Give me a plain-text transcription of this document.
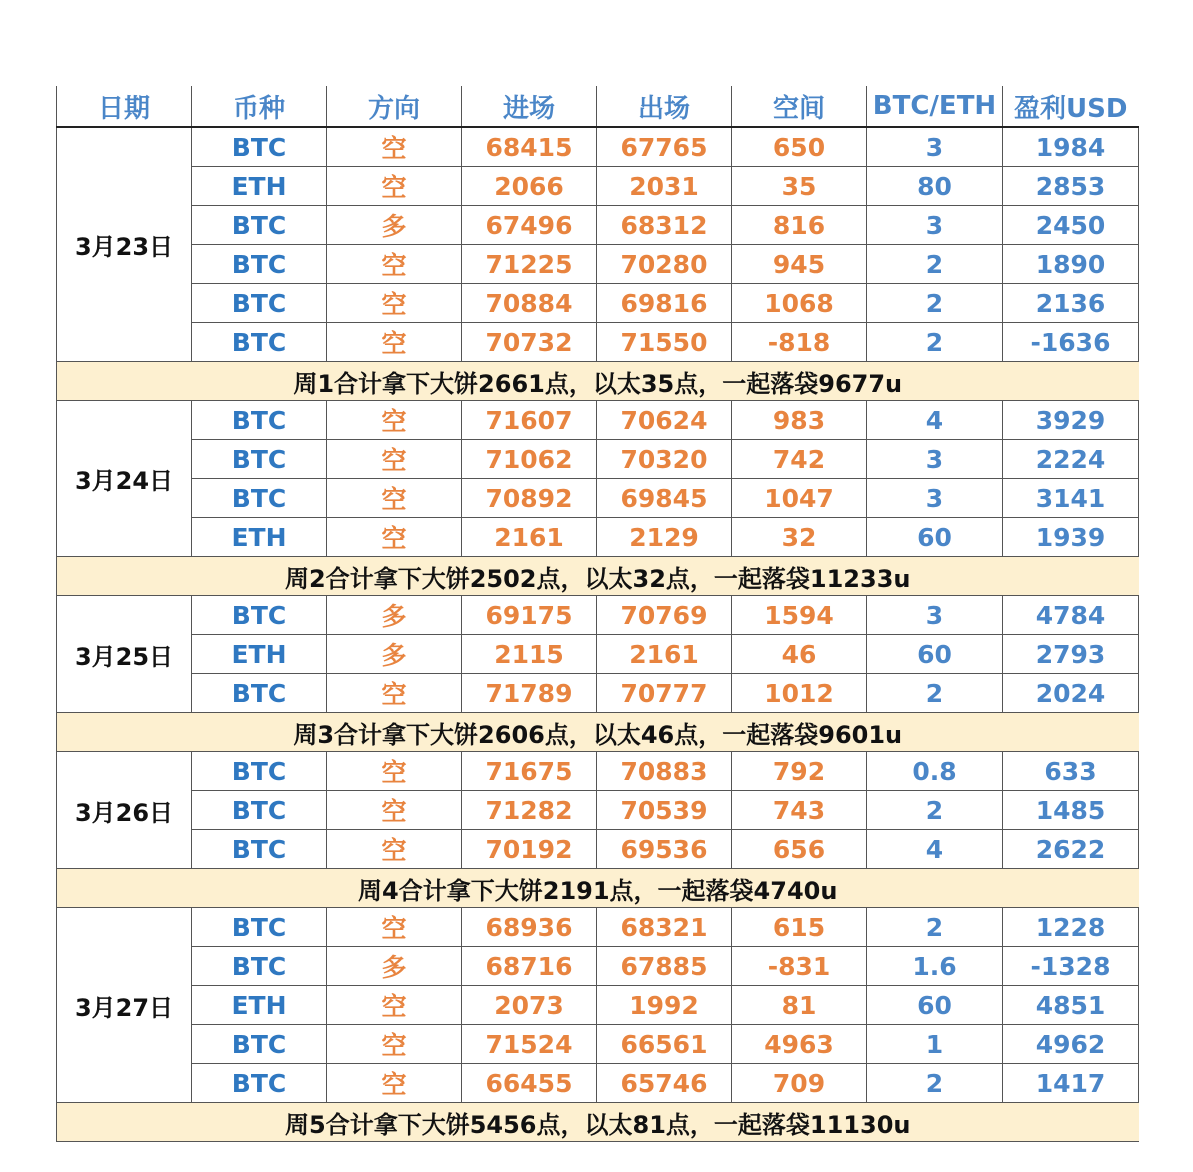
日期	币种	方向	进场	出场	空间	BTC/ETH	盈利USD
3月23日	BTC	空	68415	67765	650	3	1984
	ETH	空	2066	2031	35	80	2853
	BTC	多	67496	68312	816	3	2450
	BTC	空	71225	70280	945	2	1890
	BTC	空	70884	69816	1068	2	2136
	BTC	空	70732	71550	-818	2	-1636
周1合计拿下大饼2661点，以太35点，一起落袋9677u							
3月24日	BTC	空	71607	70624	983	4	3929
	BTC	空	71062	70320	742	3	2224
	BTC	空	70892	69845	1047	3	3141
	ETH	空	2161	2129	32	60	1939
周2合计拿下大饼2502点，以太32点，一起落袋11233u							
3月25日	BTC	多	69175	70769	1594	3	4784
	ETH	多	2115	2161	46	60	2793
	BTC	空	71789	70777	1012	2	2024
周3合计拿下大饼2606点，以太46点，一起落袋9601u							
3月26日	BTC	空	71675	70883	792	0.8	633
	BTC	空	71282	70539	743	2	1485
	BTC	空	70192	69536	656	4	2622
周4合计拿下大饼2191点，一起落袋4740u							
3月27日	BTC	空	68936	68321	615	2	1228
	BTC	多	68716	67885	-831	1.6	-1328
	ETH	空	2073	1992	81	60	4851
	BTC	空	71524	66561	4963	1	4962
	BTC	空	66455	65746	709	2	1417
周5合计拿下大饼5456点，以太81点，一起落袋11130u							
